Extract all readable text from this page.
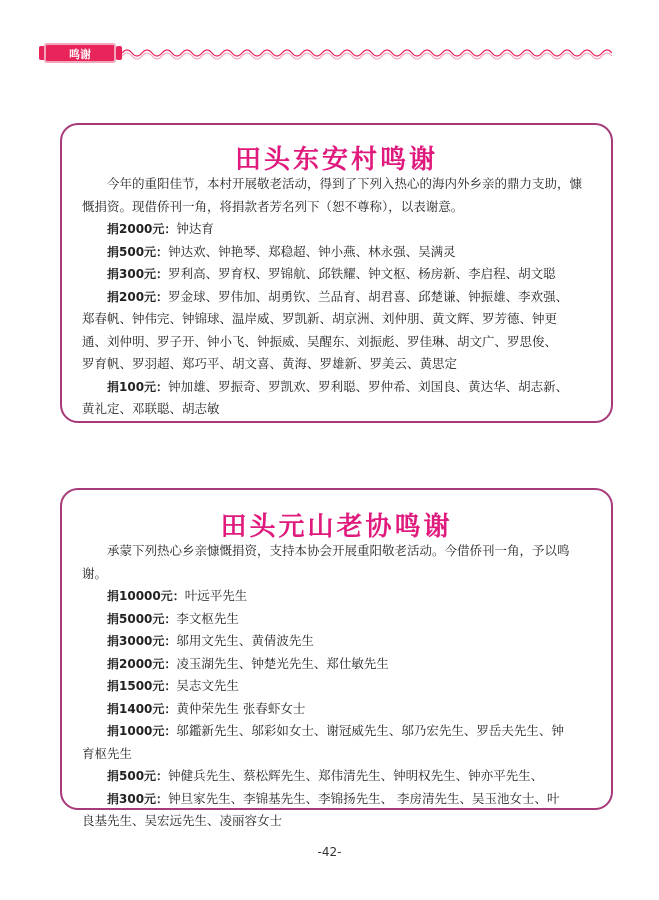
鸣谢
田头东安村鸣谢

今年的重阳佳节，本村开展敬老活动，得到了下列入热心的海内外乡亲的鼎力支助，慷慨捐资。现借侨刊一角，将捐款者芳名列下（恕不尊称），以表谢意。

捐2000元：钟达育

捐500元：钟达欢、钟艳琴、郑稳超、钟小燕、林永强、吴满灵

捐300元：罗利高、罗育权、罗锦航、邱铁耀、钟文枢、杨房新、李启程、胡文聪

捐200元：罗金球、罗伟加、胡勇钦、兰品育、胡君喜、邱楚谦、钟振雄、李欢强、

郑春帆、钟伟完、钟锦球、温岸威、罗凯新、胡京洲、刘仲朋、黄文辉、罗芳德、钟更

通、刘仲明、罗子开、钟小飞、钟振威、吴醒东、刘振彪、罗佳琳、胡文广、罗思俊、

罗育帆、罗羽超、郑巧平、胡文喜、黄海、罗雄新、罗美云、黄思定

捐100元：钟加雄、罗振奇、罗凯欢、罗利聪、罗仲希、刘国良、黄达华、胡志新、

黄礼定、邓联聪、胡志敏

田头元山老协鸣谢

承蒙下列热心乡亲慷慨捐资，支持本协会开展重阳敬老活动。今借侨刊一角，予以鸣谢。

捐10000元：叶远平先生

捐5000元：李文枢先生

捐3000元：邬用文先生、黄倩波先生

捐2000元：凌玉湖先生、钟楚光先生、郑仕敏先生

捐1500元：吴志文先生

捐1400元：黄仲荣先生 张春虾女士

捐1000元：邬鑑新先生、邬彩如女士、谢冠威先生、邬乃宏先生、罗岳夫先生、钟

育枢先生

捐500元：钟健兵先生、蔡松辉先生、郑伟清先生、钟明权先生、钟亦平先生、

捐300元：钟旦家先生、李锦基先生、李锦扬先生、 李房清先生、吴玉池女士、叶

良基先生、吴宏远先生、凌丽容女士

-42-
